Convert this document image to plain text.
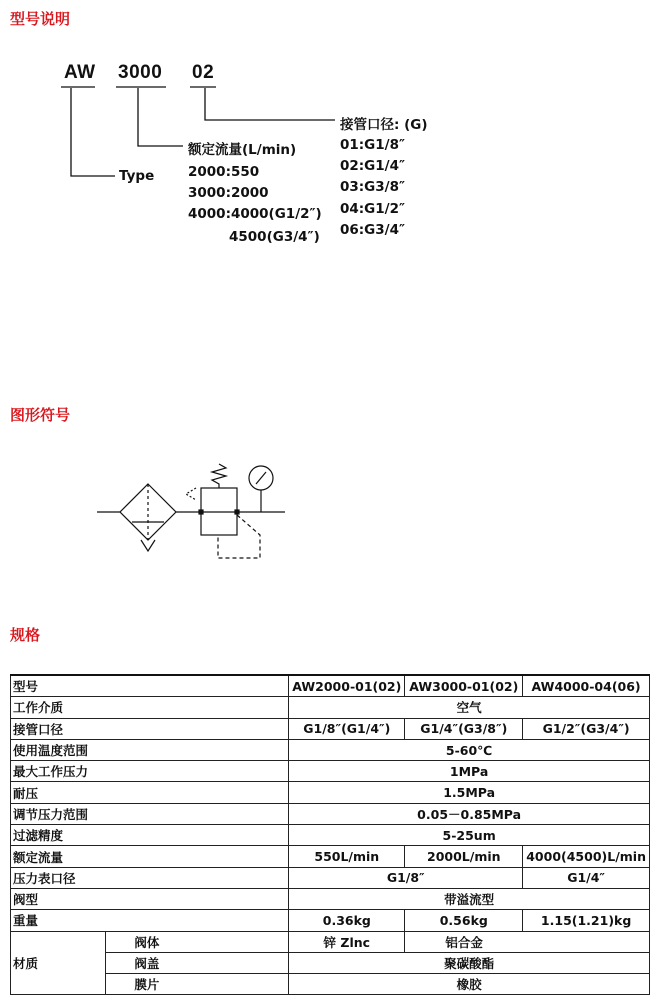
型号说明
AW 3000 02
Type
额定流量(L/min)
2000:550
3000:2000
4000:4000(G1/2″)
4500(G3/4″)
接管口径: (G)
01:G1/8″
02:G1/4″
03:G3/8″
04:G1/2″
06:G3/4″
图形符号
规格
型号		AW2000-01(02)	AW3000-01(02)	AW4000-04(06)
工作介质		空气		
接管口径		G1/8″(G1/4″)	G1/4″(G3/8″)	G1/2″(G3/4″)
使用温度范围		5-60℃		
最大工作压力		1MPa		
耐压		1.5MPa		
调节压力范围		0.05－0.85MPa		
过滤精度		5-25um		
额定流量		550L/min	2000L/min	4000(4500)L/min
压力表口径		G1/8″		G1/4″
阀型		带溢流型		
重量		0.36kg	0.56kg	1.15(1.21)kg
材质	阀体	锌 Zlnc	铝合金	
	阀盖	聚碳酸酯		
	膜片	橡胶		
